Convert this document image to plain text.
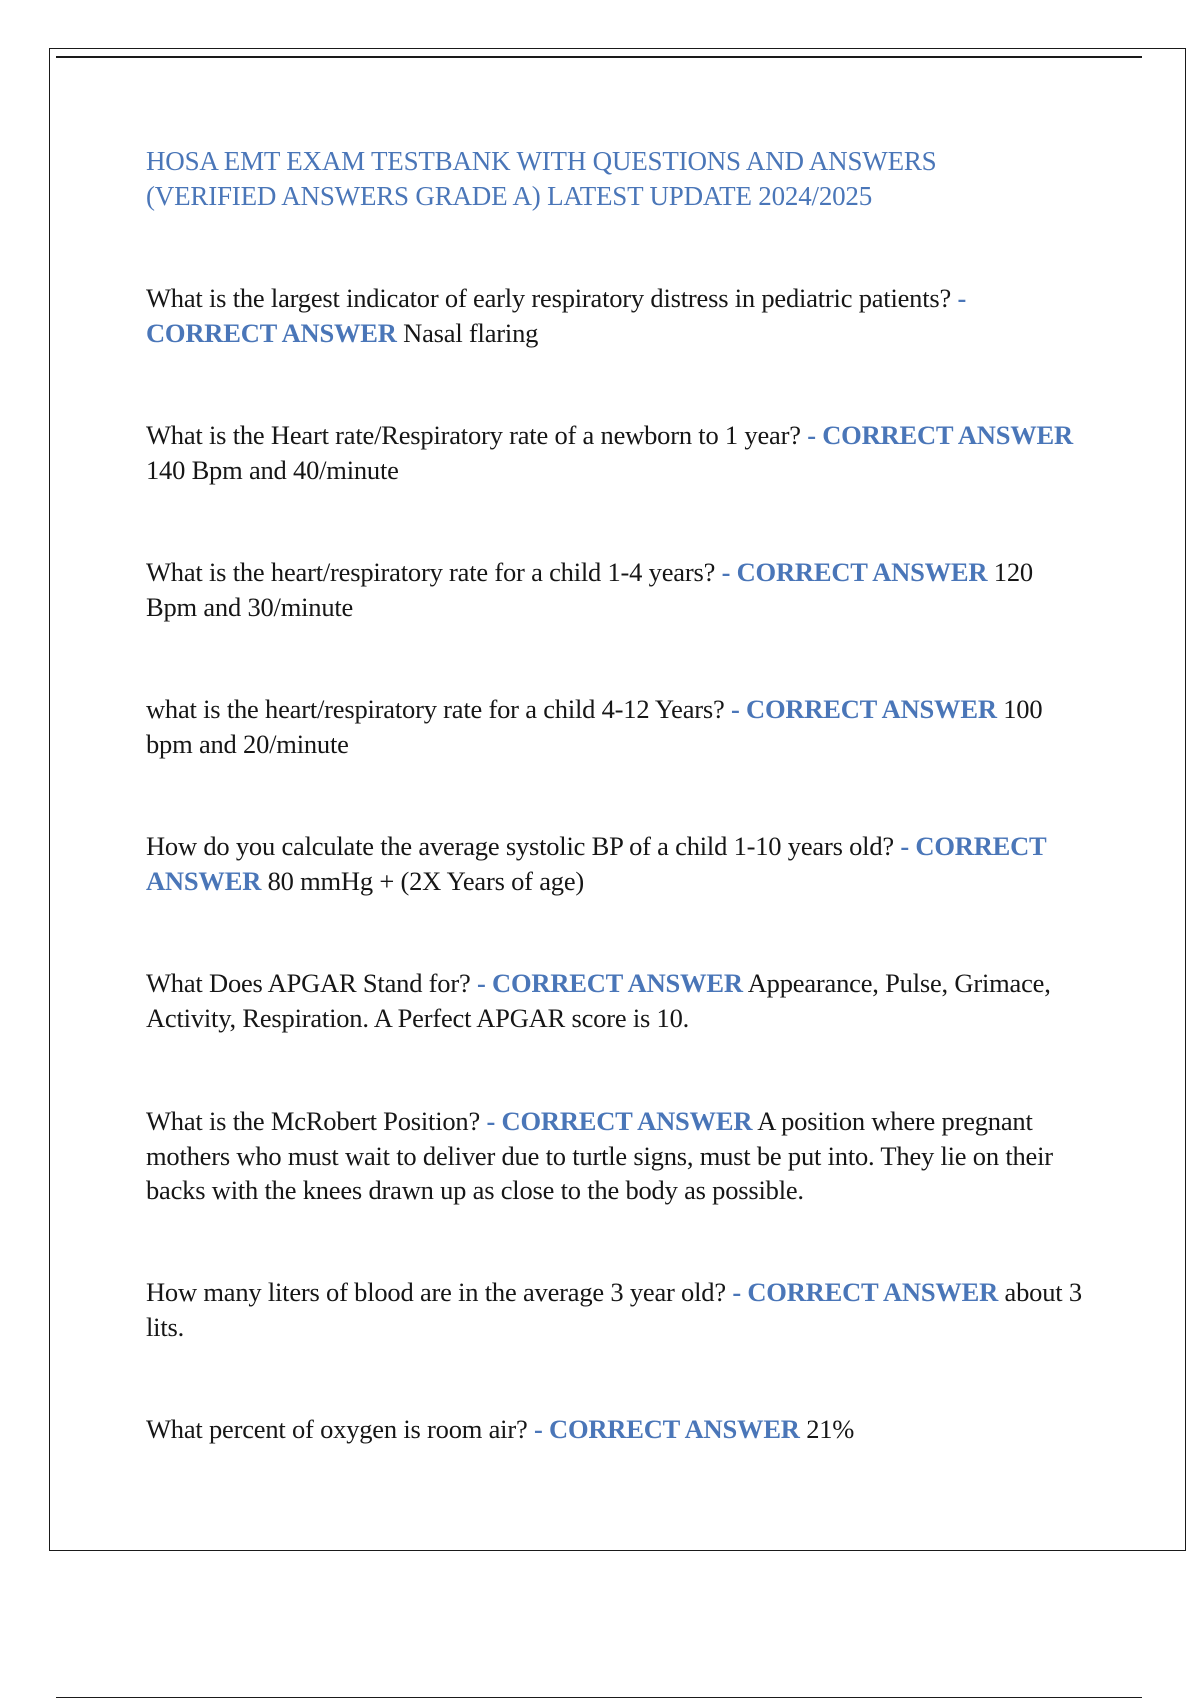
HOSA EMT EXAM TESTBANK WITH QUESTIONS AND ANSWERS (VERIFIED ANSWERS GRADE A) LATEST UPDATE 2024/2025

What is the largest indicator of early respiratory distress in pediatric patients? - CORRECT ANSWER Nasal flaring

What is the Heart rate/Respiratory rate of a newborn to 1 year? - CORRECT ANSWER 140 Bpm and 40/minute

What is the heart/respiratory rate for a child 1-4 years? - CORRECT ANSWER 120 Bpm and 30/minute

what is the heart/respiratory rate for a child 4-12 Years? - CORRECT ANSWER 100 bpm and 20/minute

How do you calculate the average systolic BP of a child 1-10 years old? - CORRECT ANSWER 80 mmHg + (2X Years of age)

What Does APGAR Stand for? - CORRECT ANSWER Appearance, Pulse, Grimace, Activity, Respiration. A Perfect APGAR score is 10.

What is the McRobert Position? - CORRECT ANSWER A position where pregnant mothers who must wait to deliver due to turtle signs, must be put into. They lie on their backs with the knees drawn up as close to the body as possible.

How many liters of blood are in the average 3 year old? - CORRECT ANSWER about 3 lits.

What percent of oxygen is room air? - CORRECT ANSWER 21%
